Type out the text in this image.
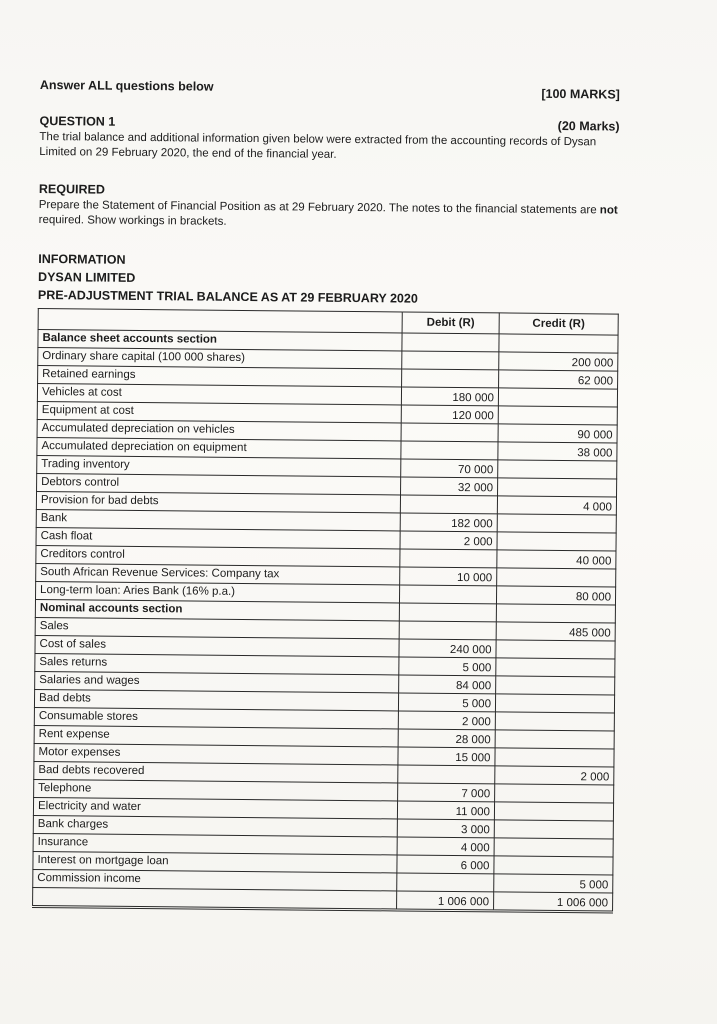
Answer ALL questions below
[100 MARKS]
QUESTION 1	(20 Marks)

The trial balance and additional information given below were extracted from the accounting records of Dysan Limited on 29 February 2020, the end of the financial year.

REQUIRED

Prepare the Statement of Financial Position as at 29 February 2020. The notes to the financial statements are not required. Show workings in brackets.

INFORMATION
DYSAN LIMITED
PRE-ADJUSTMENT TRIAL BALANCE AS AT 29 FEBRUARY 2020
	Debit (R)	Credit (R)
Balance sheet accounts section		
Ordinary share capital (100 000 shares)		200 000
Retained earnings		62 000
Vehicles at cost	180 000	
Equipment at cost	120 000	
Accumulated depreciation on vehicles		90 000
Accumulated depreciation on equipment		38 000
Trading inventory	70 000	
Debtors control	32 000	
Provision for bad debts		4 000
Bank	182 000	
Cash float	2 000	
Creditors control		40 000
South African Revenue Services: Company tax	10 000	
Long-term loan: Aries Bank (16% p.a.)		80 000
Nominal accounts section		
Sales		485 000
Cost of sales	240 000	
Sales returns	5 000	
Salaries and wages	84 000	
Bad debts	5 000	
Consumable stores	2 000	
Rent expense	28 000	
Motor expenses	15 000	
Bad debts recovered		2 000
Telephone	7 000	
Electricity and water	11 000	
Bank charges	3 000	
Insurance	4 000	
Interest on mortgage loan	6 000	
Commission income		5 000
	1 006 000	1 006 000
